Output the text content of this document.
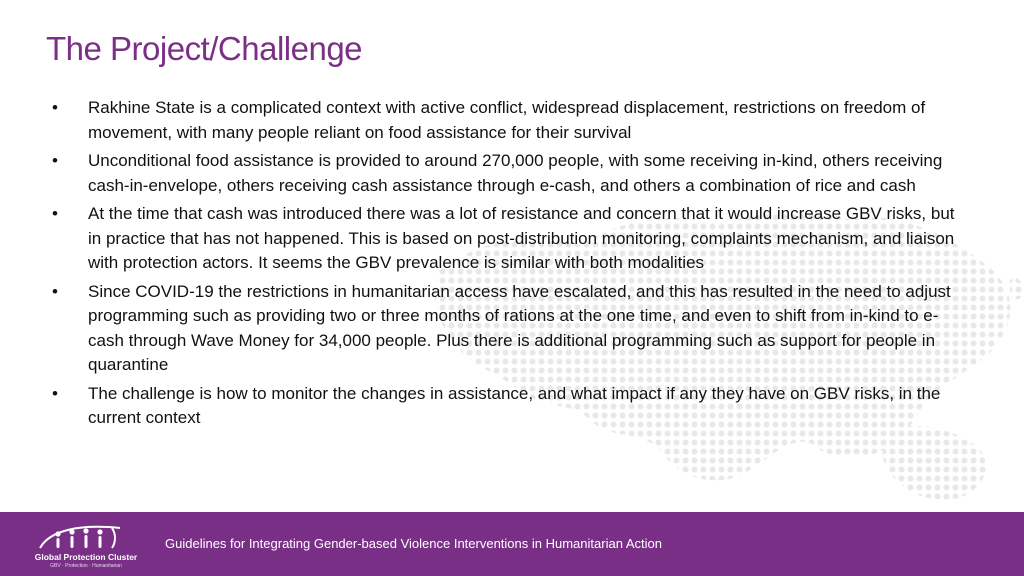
The Project/Challenge
• Rakhine State is a complicated context with active conflict, widespread displacement, restrictions on freedom of movement, with many people reliant on food assistance for their survival
• Unconditional food assistance is provided to around 270,000 people, with some receiving in-kind, others receiving cash-in-envelope, others receiving cash assistance through e-cash, and others a combination of rice and cash
• At the time that cash was introduced there was a lot of resistance and concern that it would increase GBV risks, but in practice that has not happened. This is based on post-distribution monitoring, complaints mechanism, and liaison with protection actors. It seems the GBV prevalence is similar with both modalities
• Since COVID-19 the restrictions in humanitarian access have escalated, and this has resulted in the need to adjust programming such as providing two or three months of rations at the one time, and even to shift from in-kind to e-cash through Wave Money for 34,000 people. Plus there is additional programming such as support for people in quarantine
• The challenge is how to monitor the changes in assistance, and what impact if any they have on GBV risks, in the current context
Global Protection Cluster
GBV · Protection · Humanitarian
Guidelines for Integrating Gender-based Violence Interventions in Humanitarian Action
